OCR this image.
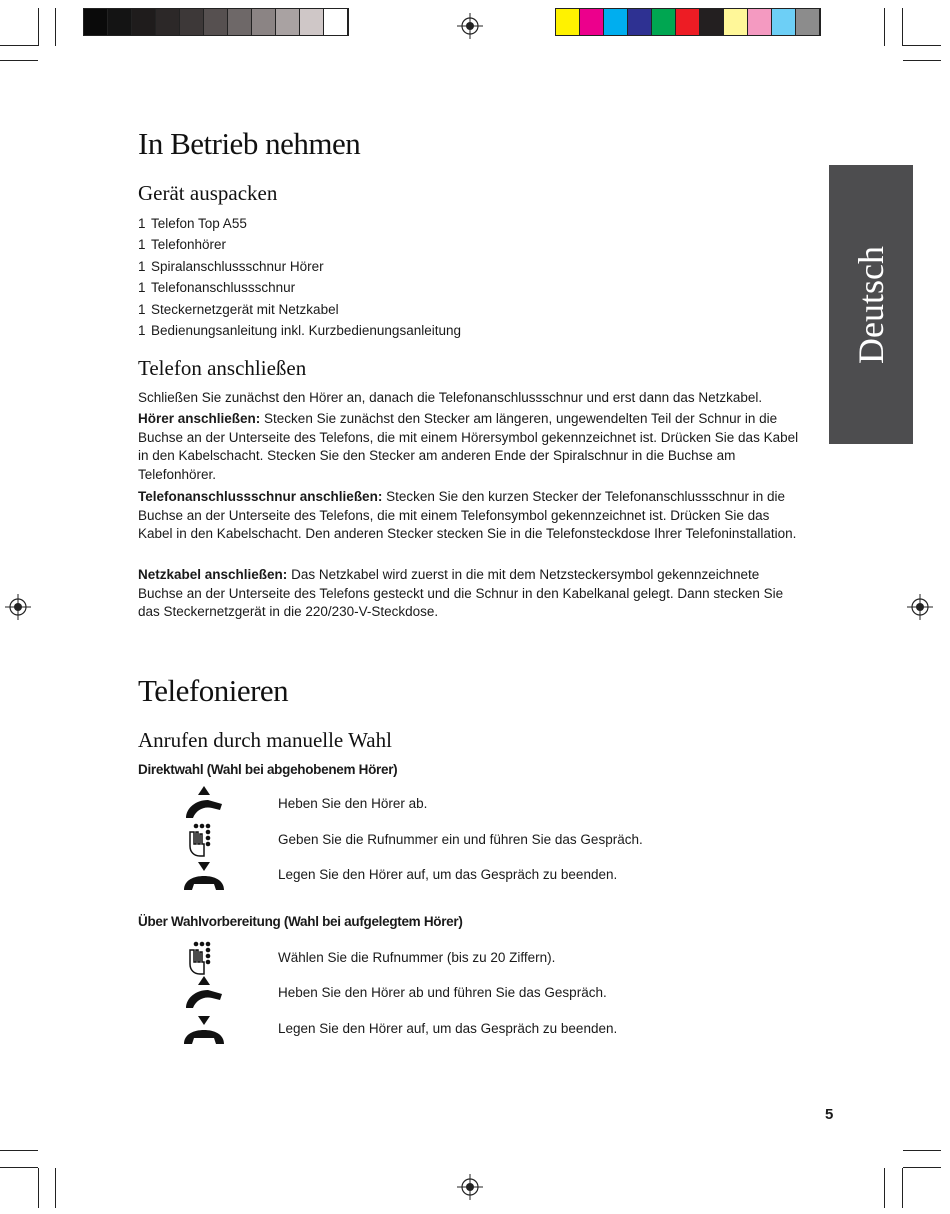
Deutsch
In Betrieb nehmen
Gerät auspacken
1 Telefon Top A55
1 Telefonhörer
1 Spiralanschlussschnur Hörer
1 Telefonanschlussschnur
1 Steckernetzgerät mit Netzkabel
1 Bedienungsanleitung inkl. Kurzbedienungsanleitung
Telefon anschließen

Schließen Sie zunächst den Hörer an, danach die Telefonanschlussschnur und erst dann das Netzkabel.

Hörer anschließen: Stecken Sie zunächst den Stecker am längeren, ungewendelten Teil der Schnur in die Buchse an der Unterseite des Telefons, die mit einem Hörersymbol gekennzeichnet ist. Drücken Sie das Kabel in den Kabelschacht. Stecken Sie den Stecker am anderen Ende der Spiralschnur in die Buchse am Telefonhörer.

Telefonanschlussschnur anschließen: Stecken Sie den kurzen Stecker der Telefonanschlussschnur in die Buchse an der Unterseite des Telefons, die mit einem Telefonsymbol gekennzeichnet ist. Drücken Sie das Kabel in den Kabelschacht. Den anderen Stecker stecken Sie in die Telefonsteckdose Ihrer Telefoninstallation.

Netzkabel anschließen: Das Netzkabel wird zuerst in die mit dem Netzsteckersymbol gekennzeichnete Buchse an der Unterseite des Telefons gesteckt und die Schnur in den Kabelkanal gelegt. Dann stecken Sie das Steckernetzgerät in die 220/230-V-Steckdose.

Telefonieren
Anrufen durch manuelle Wahl

Direktwahl (Wahl bei abgehobenem Hörer)

Heben Sie den Hörer ab.
Geben Sie die Rufnummer ein und führen Sie das Gespräch.
Legen Sie den Hörer auf, um das Gespräch zu beenden.

Über Wahlvorbereitung (Wahl bei aufgelegtem Hörer)

Wählen Sie die Rufnummer (bis zu 20 Ziffern).
Heben Sie den Hörer ab und führen Sie das Gespräch.
Legen Sie den Hörer auf, um das Gespräch zu beenden.
5
